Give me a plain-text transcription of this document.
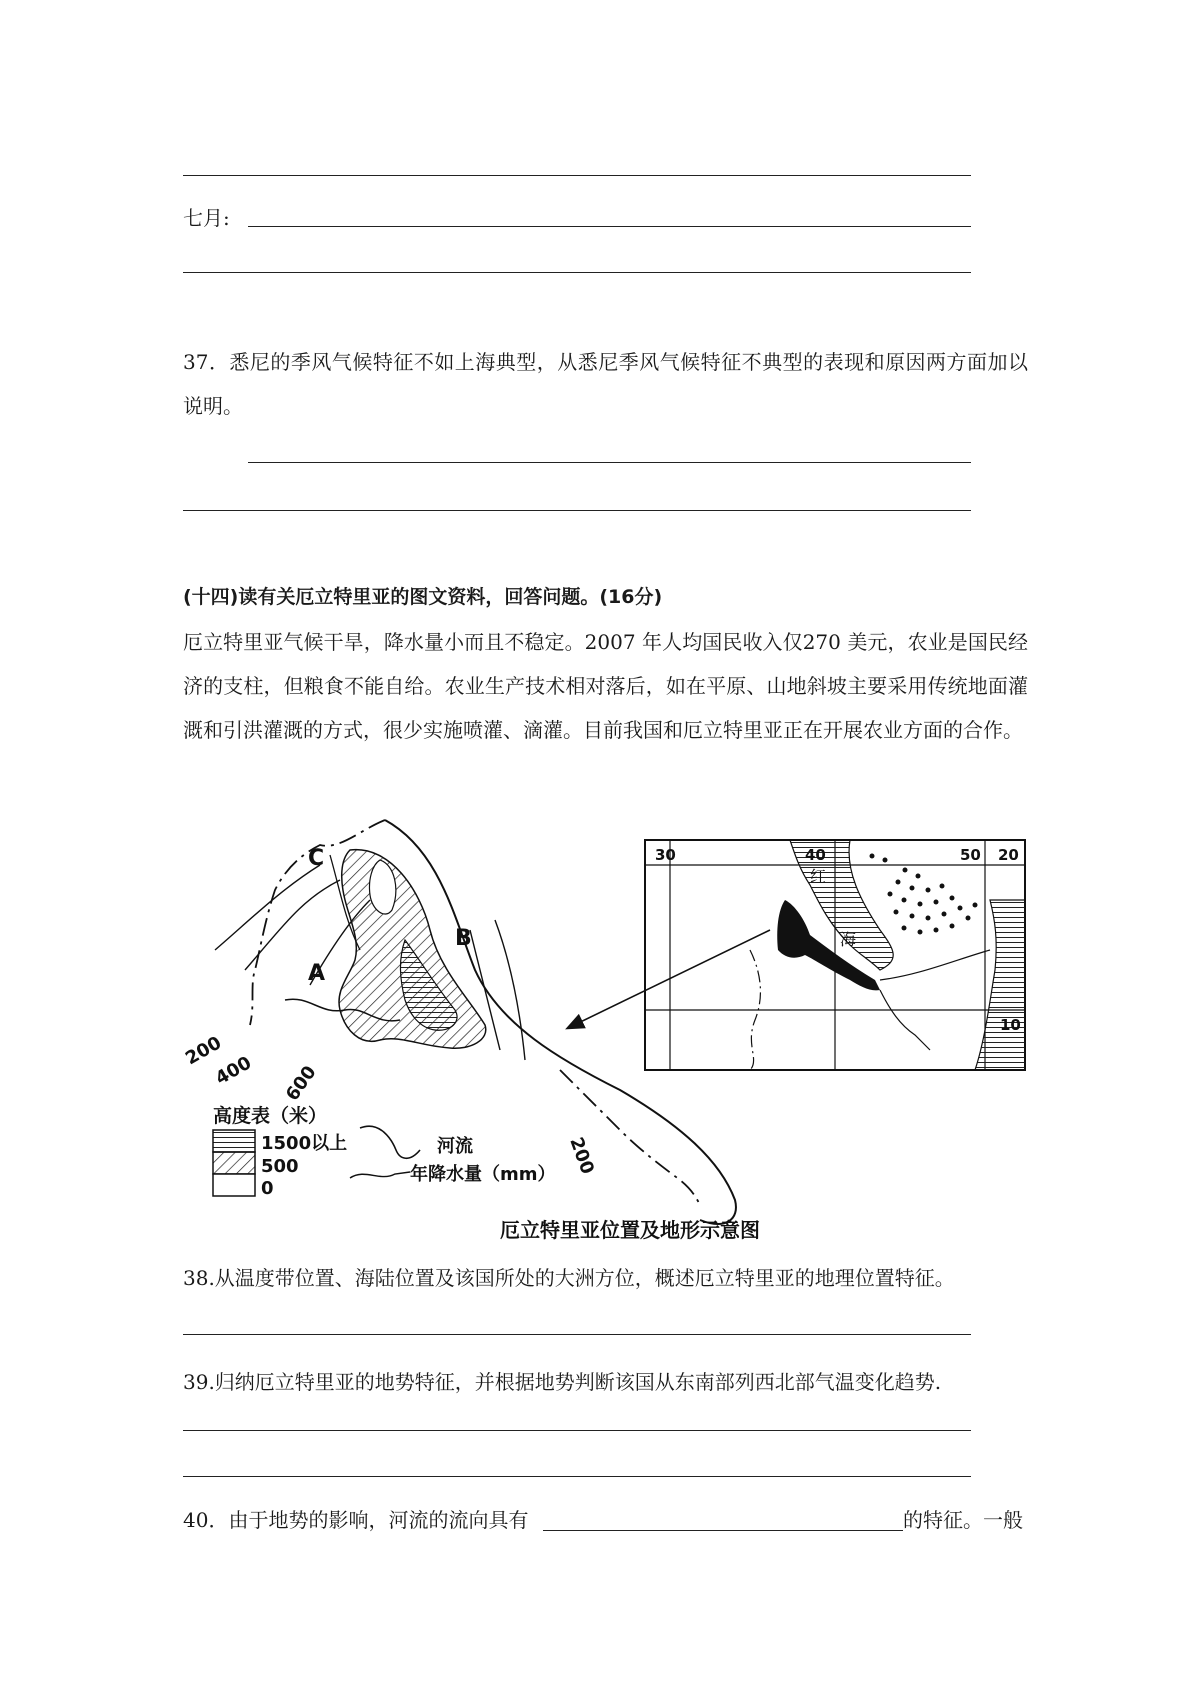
七月:
37．悉尼的季风气候特征不如上海典型，从悉尼季风气候特征不典型的表现和原因两方面加以说明。
(十四)读有关厄立特里亚的图文资料，回答问题。(16分)
厄立特里亚气候干旱，降水量小而且不稳定。2007 年人均国民收入仅270 美元，农业是国民经济的支柱，但粮食不能自给。农业生产技术相对落后，如在平原、山地斜坡主要采用传统地面灌溉和引洪灌溉的方式，很少实施喷灌、滴灌。目前我国和厄立特里亚正在开展农业方面的合作。
C
A
B
200
400 600
200
高度表（米）
1500以上
500
0
河流
年降水量（mm）
30	40	50 20
10
红
海
厄立特里亚位置及地形示意图
38.从温度带位置、海陆位置及该国所处的大洲方位，概述厄立特里亚的地理位置特征。
39.归纳厄立特里亚的地势特征，并根据地势判断该国从东南部列西北部气温变化趋势.
40．由于地势的影响，河流的流向具有	的特征。一般
